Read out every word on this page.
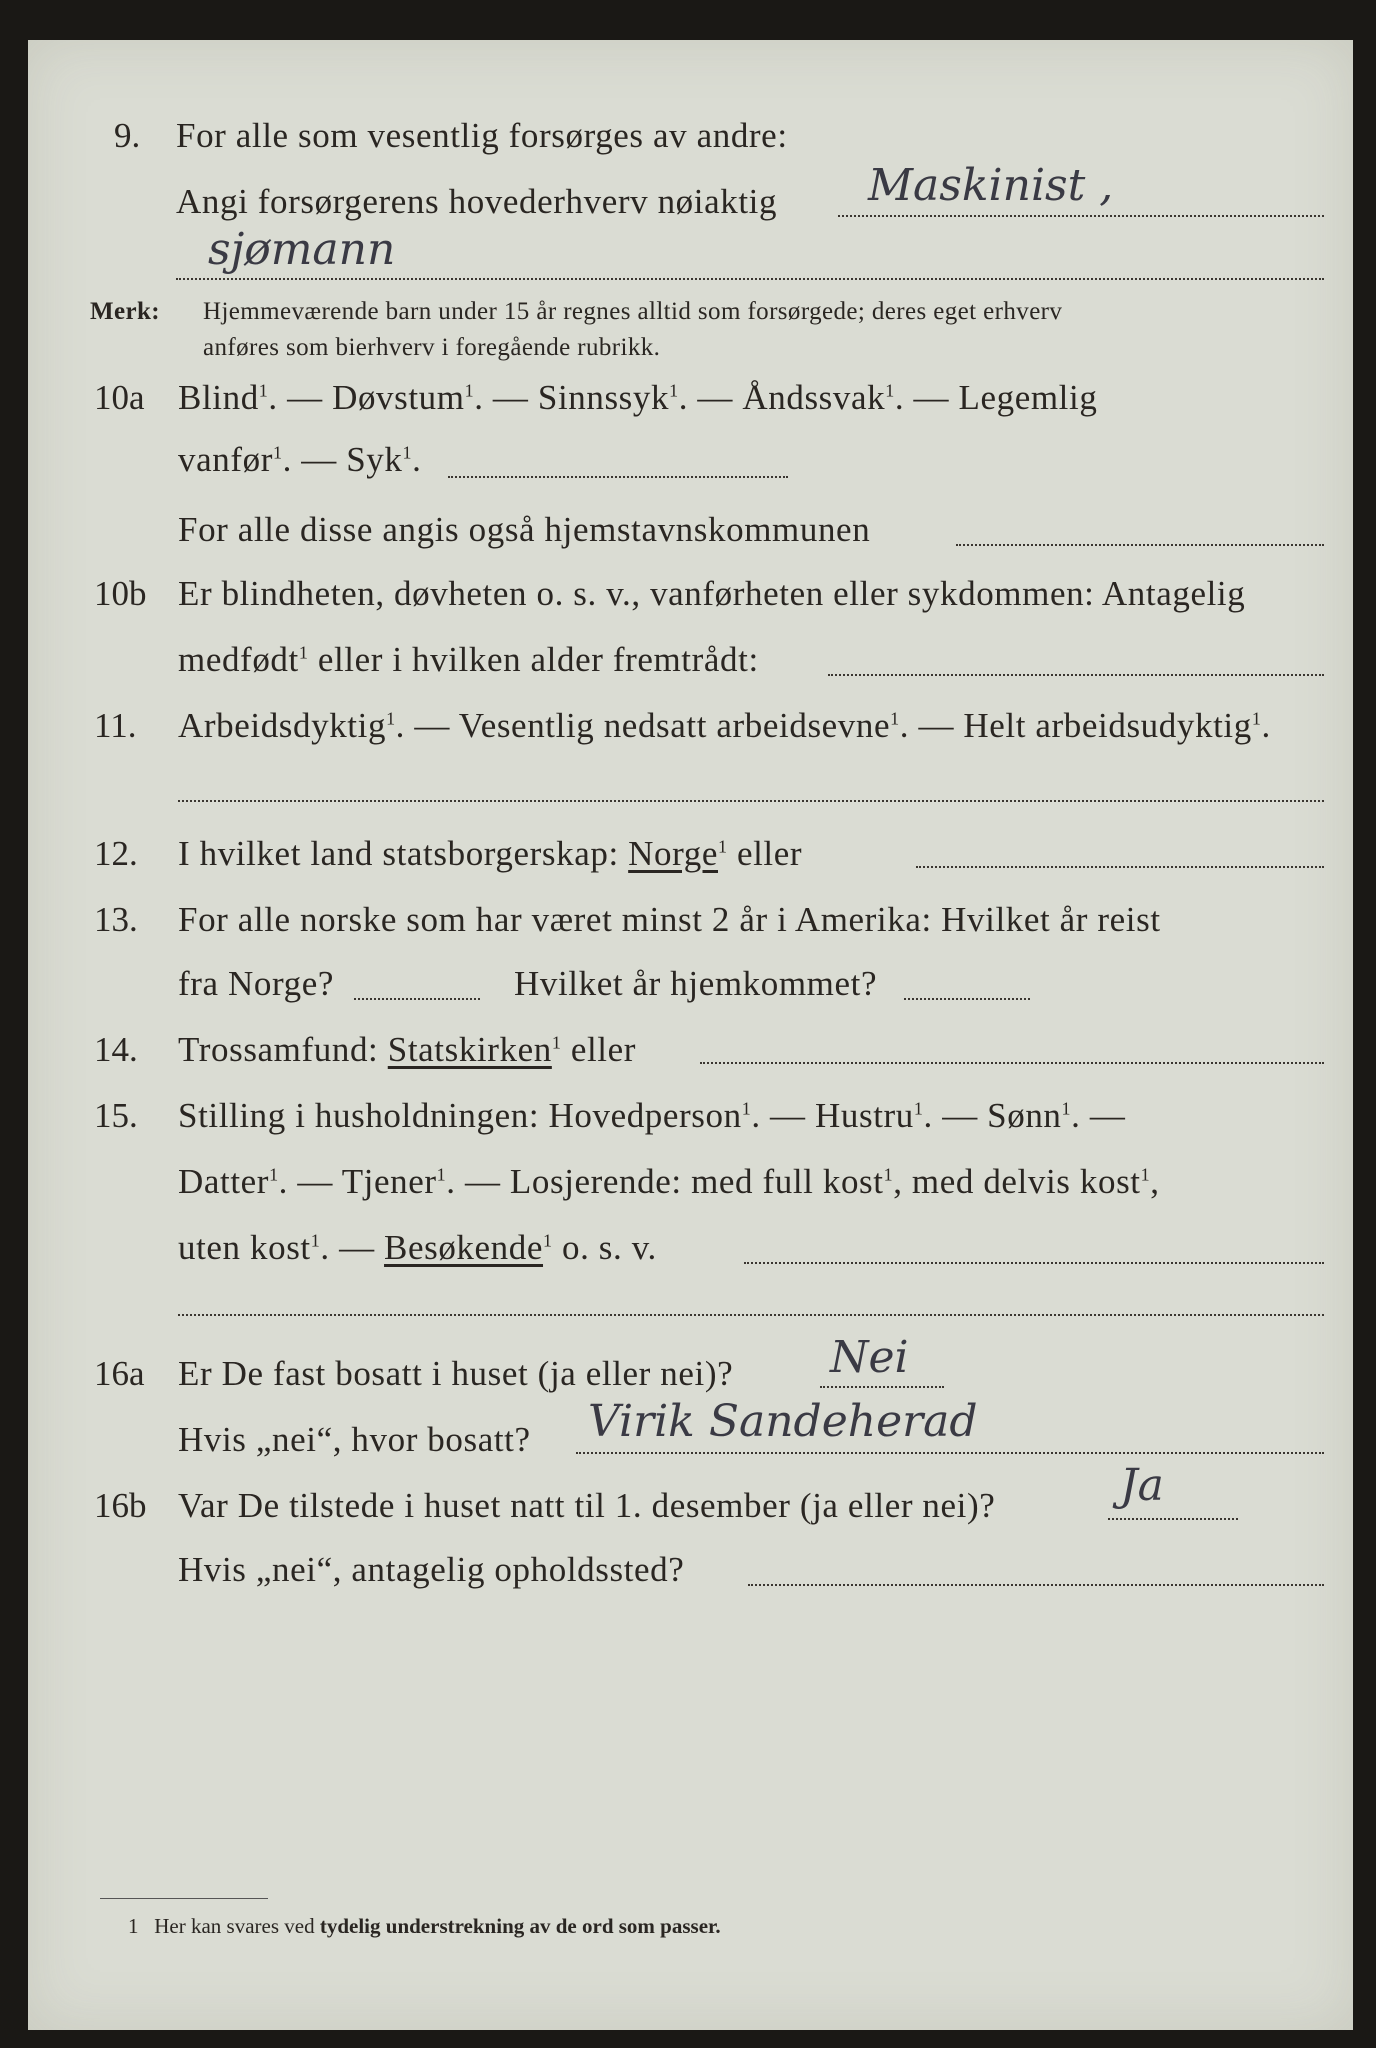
9. For alle som vesentlig forsørges av andre:
Angi forsørgerens hovederhverv nøiaktig Maskinist ,
sjømann
Merk: Hjemmeværende barn under 15 år regnes alltid som forsørgede; deres eget erhverv
anføres som bierhverv i foregående rubrikk.
10a Blind$^1$. — Døvstum$^1$. — Sinnssyk$^1$. — Åndssvak$^1$. — Legemlig
vanfør$^1$. — Syk$^1$.
For alle disse angis også hjemstavnskommunen
10b Er blindheten, døvheten o. s. v., vanførheten eller sykdommen: Antagelig
medfødt$^1$ eller i hvilken alder fremtrådt:
11. Arbeidsdyktig$^1$. — Vesentlig nedsatt arbeidsevne$^1$. — Helt arbeidsudyktig$^1$.
12. I hvilket land statsborgerskap: Norge$^1$ eller
13. For alle norske som har været minst 2 år i Amerika: Hvilket år reist
fra Norge?	Hvilket år hjemkommet?
14. Trossamfund: Statskirken$^1$ eller
15. Stilling i husholdningen: Hovedperson$^1$. — Hustru$^1$. — Sønn$^1$. —
Datter$^1$. — Tjener$^1$. — Losjerende: med full kost$^1$, med delvis kost$^1$,
uten kost$^1$. — Besøkende$^1$ o. s. v.
16a Er De fast bosatt i huset (ja eller nei)? Nei
Hvis „nei“, hvor bosatt? Virik Sandeherad
16b Var De tilstede i huset natt til 1. desember (ja eller nei)?	Ja
Hvis „nei“, antagelig opholdssted?
1 Her kan svares ved tydelig understrekning av de ord som passer.
